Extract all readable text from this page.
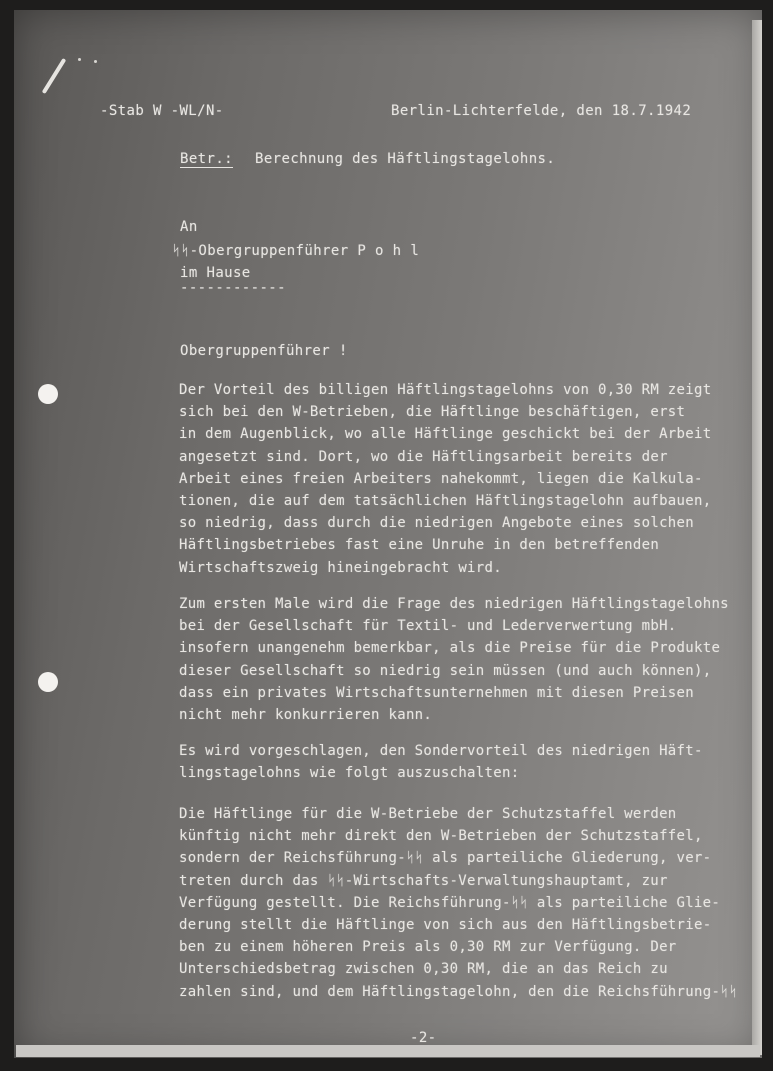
-Stab W -WL/N-	Berlin-Lichterfelde, den 18.7.1942
Betr.: Berechnung des Häftlingstagelohns.
An
ᛋᛋ-Obergruppenführer P o h l
im Hause
------------
Obergruppenführer !
Der Vorteil des billigen Häftlingstagelohns von 0,30 RM zeigt
sich bei den W-Betrieben, die Häftlinge beschäftigen, erst
in dem Augenblick, wo alle Häftlinge geschickt bei der Arbeit
angesetzt sind. Dort, wo die Häftlingsarbeit bereits der
Arbeit eines freien Arbeiters nahekommt, liegen die Kalkula-
tionen, die auf dem tatsächlichen Häftlingstagelohn aufbauen,
so niedrig, dass durch die niedrigen Angebote eines solchen
Häftlingsbetriebes fast eine Unruhe in den betreffenden
Wirtschaftszweig hineingebracht wird.
Zum ersten Male wird die Frage des niedrigen Häftlingstagelohns
bei der Gesellschaft für Textil- und Lederverwertung mbH.
insofern unangenehm bemerkbar, als die Preise für die Produkte
dieser Gesellschaft so niedrig sein müssen (und auch können),
dass ein privates Wirtschaftsunternehmen mit diesen Preisen
nicht mehr konkurrieren kann.
Es wird vorgeschlagen, den Sondervorteil des niedrigen Häft-
lingstagelohns wie folgt auszuschalten:
Die Häftlinge für die W-Betriebe der Schutzstaffel werden
künftig nicht mehr direkt den W-Betrieben der Schutzstaffel,
sondern der Reichsführung-ᛋᛋ als parteiliche Gliederung, ver-
treten durch das ᛋᛋ-Wirtschafts-Verwaltungshauptamt, zur
Verfügung gestellt. Die Reichsführung-ᛋᛋ als parteiliche Glie-
derung stellt die Häftlinge von sich aus den Häftlingsbetrie-
ben zu einem höheren Preis als 0,30 RM zur Verfügung. Der
Unterschiedsbetrag zwischen 0,30 RM, die an das Reich zu
zahlen sind, und dem Häftlingstagelohn, den die Reichsführung-ᛋᛋ
-2-
